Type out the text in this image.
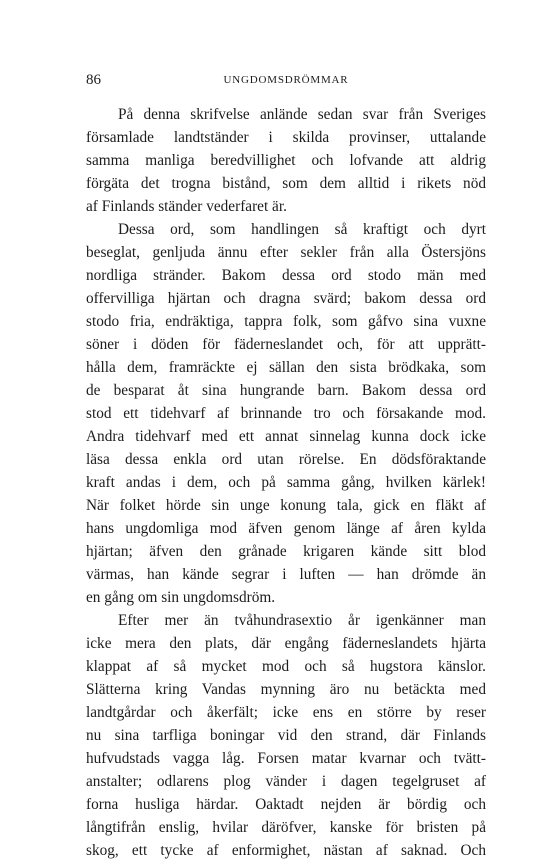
86	UNGDOMSDRÖMMAR
På denna skrifvelse anlände sedan svar från Sveriges
församlade landtständer i skilda provinser, uttalande
samma manliga beredvillighet och lofvande att aldrig
förgäta det trogna bistånd, som dem alltid i rikets nöd
af Finlands ständer vederfaret är.
Dessa ord, som handlingen så kraftigt och dyrt
beseglat, genljuda ännu efter sekler från alla Östersjöns
nordliga stränder. Bakom dessa ord stodo män med
offervilliga hjärtan och dragna svärd; bakom dessa ord
stodo fria, endräktiga, tappra folk, som gåfvo sina vuxne
söner i döden för fäderneslandet och, för att upprätt-
hålla dem, framräckte ej sällan den sista brödkaka, som
de besparat åt sina hungrande barn. Bakom dessa ord
stod ett tidehvarf af brinnande tro och försakande mod.
Andra tidehvarf med ett annat sinnelag kunna dock icke
läsa dessa enkla ord utan rörelse. En dödsföraktande
kraft andas i dem, och på samma gång, hvilken kärlek!
När folket hörde sin unge konung tala, gick en fläkt af
hans ungdomliga mod äfven genom länge af åren kylda
hjärtan; äfven den grånade krigaren kände sitt blod
värmas, han kände segrar i luften — han drömde än
en gång om sin ungdomsdröm.
Efter mer än tvåhundrasextio år igenkänner man
icke mera den plats, där engång fäderneslandets hjärta
klappat af så mycket mod och så hugstora känslor.
Slätterna kring Vandas mynning äro nu betäckta med
landtgårdar och åkerfält; icke ens en större by reser
nu sina tarfliga boningar vid den strand, där Finlands
hufvudstads vagga låg. Forsen matar kvarnar och tvätt-
anstalter; odlarens plog vänder i dagen tegelgruset af
forna husliga härdar. Oaktadt nejden är bördig och
långtifrån enslig, hvilar däröfver, kanske för bristen på
skog, ett tycke af enformighet, nästan af saknad. Och
